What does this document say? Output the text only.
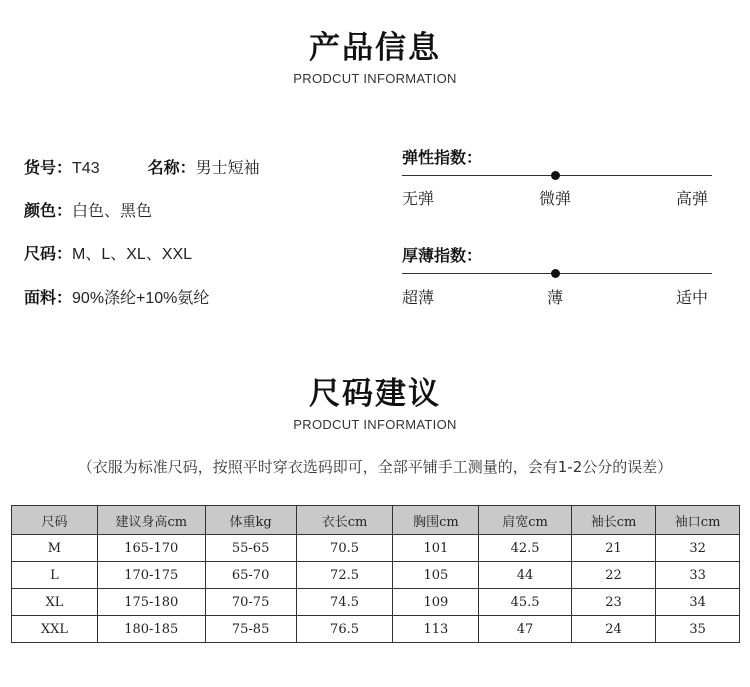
产品信息
PRODCUT INFORMATION
货号：T43	名称：男士短袖
颜色：白色、黑色
尺码：M、L、XL、XXL
面料：90%涤纶+10%氨纶
弹性指数：
无弹	微弹	高弹
厚薄指数：
超薄	薄	适中
尺码建议
PRODCUT INFORMATION
（衣服为标准尺码，按照平时穿衣选码即可，全部平铺手工测量的，会有1-2公分的误差）
尺码	建议身高cm	体重kg	衣长cm	胸围cm	肩宽cm	袖长cm	袖口cm
M	165-170	55-65	70.5	101	42.5	21	32
L	170-175	65-70	72.5	105	44	22	33
XL	175-180	70-75	74.5	109	45.5	23	34
XXL	180-185	75-85	76.5	113	47	24	35
